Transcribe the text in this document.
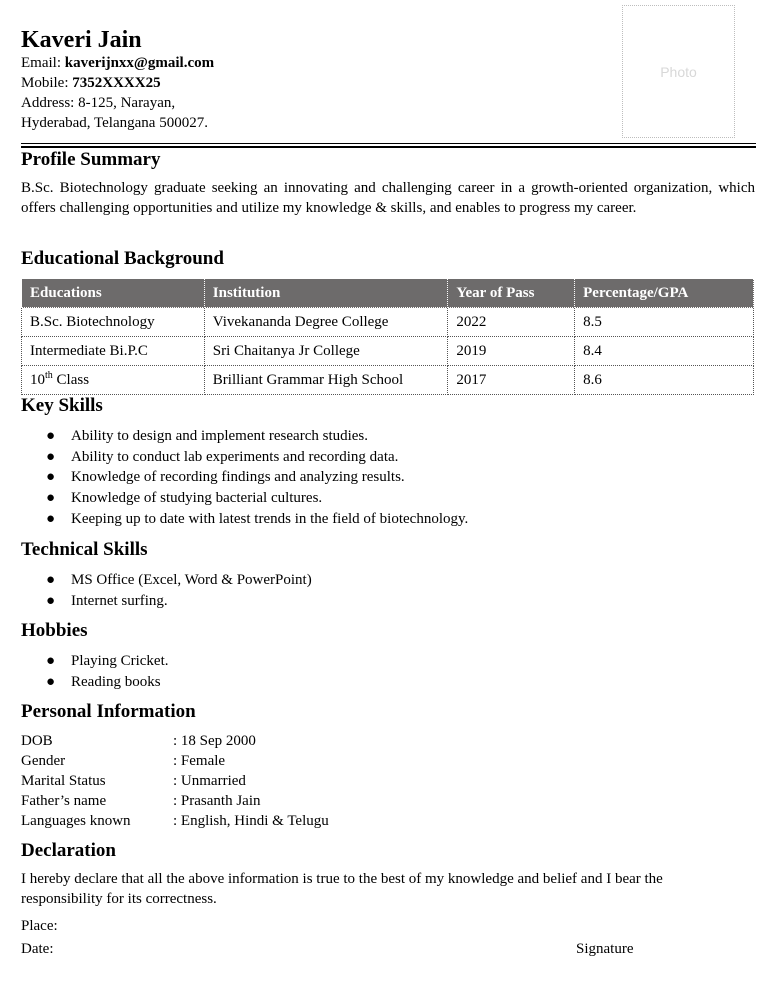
Kaveri Jain
Email: kaverijnxx@gmail.com
Mobile: 7352XXXX25
Address: 8-125, Narayan,
Hyderabad, Telangana 500027.
Photo
Profile Summary
B.Sc. Biotechnology graduate seeking an innovating and challenging career in a growth-oriented organization, which offers challenging opportunities and utilize my knowledge & skills, and enables to progress my career.
Educational Background
Educations	Institution	Year of Pass	Percentage/GPA
B.Sc. Biotechnology	Vivekananda Degree College	2022	8.5
Intermediate Bi.P.C	Sri Chaitanya Jr College	2019	8.4
10th Class	Brilliant Grammar High School	2017	8.6
Key Skills
● Ability to design and implement research studies.
● Ability to conduct lab experiments and recording data.
● Knowledge of recording findings and analyzing results.
● Knowledge of studying bacterial cultures.
● Keeping up to date with latest trends in the field of biotechnology.
Technical Skills
● MS Office (Excel, Word & PowerPoint)
● Internet surfing.
Hobbies
● Playing Cricket.
● Reading books
Personal Information
DOB	: 18 Sep 2000
Gender	: Female
Marital Status	: Unmarried
Father’s name	: Prasanth Jain
Languages known	: English, Hindi & Telugu
Declaration
I hereby declare that all the above information is true to the best of my knowledge and belief and I bear the responsibility for its correctness.
Place:
Date:	Signature
